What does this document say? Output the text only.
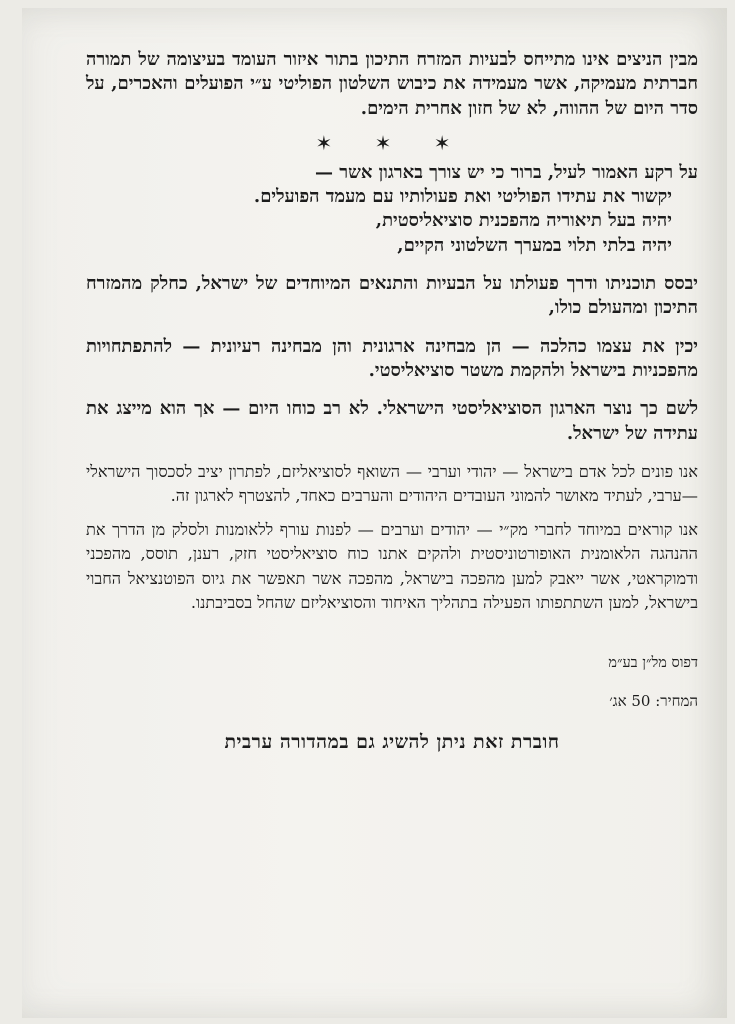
מבין הניצים אינו מתייחס לבעיות המזרח התיכון בתור איזור העומד בעיצומה של תמורה חברתית מעמיקה, אשר מעמידה את כיבוש השלטון הפוליטי ע״י הפועלים והאכרים, על סדר היום של ההווה, לא של חזון אחרית הימים.

✶ ✶ ✶

על רקע האמור לעיל, ברור כי יש צורך בארגון אשר —

יקשור את עתידו הפוליטי ואת פעולותיו עם מעמד הפועלים.

יהיה בעל תיאוריה מהפכנית סוציאליסטית,

יהיה בלתי תלוי במערך השלטוני הקיים,

יבסס תוכניתו ודרך פעולתו על הבעיות והתנאים המיוחדים של ישראל, כחלק מהמזרח התיכון ומהעולם כולו,

יכין את עצמו כהלכה — הן מבחינה ארגונית והן מבחינה רעיונית — להתפתחויות מהפכניות בישראל ולהקמת משטר סוציאליסטי.

לשם כך נוצר הארגון הסוציאליסטי הישראלי. לא רב כוחו היום — אך הוא מייצג את עתידה של ישראל.

אנו פונים לכל אדם בישראל — יהודי וערבי — השואף לסוציאליזם, לפתרון יציב לסכסוך הישראלי—ערבי, לעתיד מאושר להמוני העובדים היהודים והערבים כאחד, להצטרף לארגון זה.

אנו קוראים במיוחד לחברי מק״י — יהודים וערבים — לפנות עורף ללאומנות ולסלק מן הדרך את ההנהגה הלאומנית האופורטוניסטית ולהקים אתנו כוח סוציאליסטי חזק, רענן, תוסס, מהפכני ודמוקראטי, אשר ייאבק למען מהפכה בישראל, מהפכה אשר תאפשר את גיוס הפוטנציאל החבוי בישראל, למען השתתפותו הפעילה בתהליך האיחוד והסוציאליזם שהחל בסביבתנו.

דפוס מל״ן בע״מ
המחיר: 50 אג׳
חוברת זאת ניתן להשיג גם במהדורה ערבית
